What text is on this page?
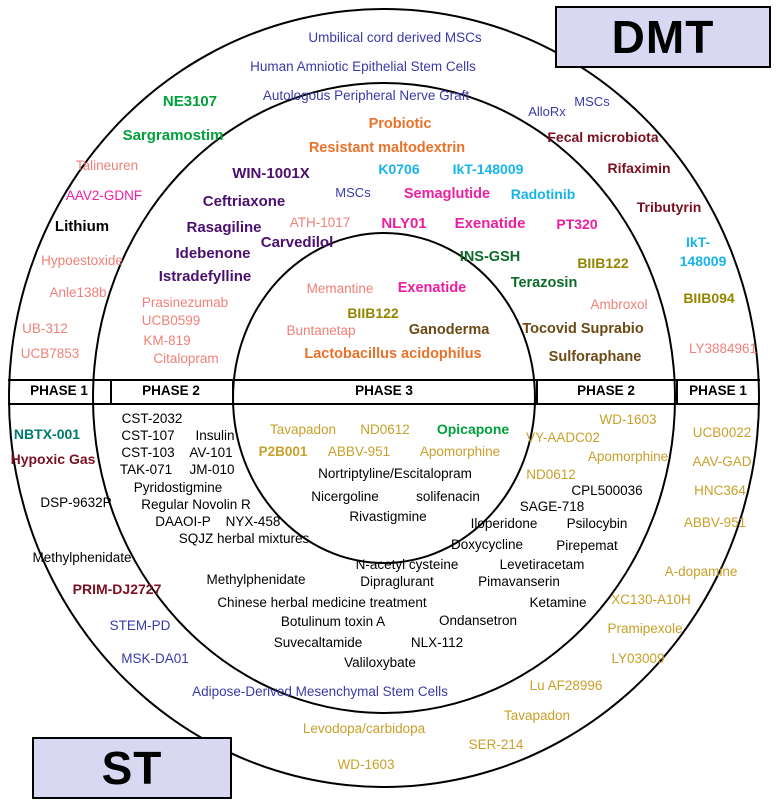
PHASE 1	PHASE 2	PHASE 3	PHASE 2	PHASE 1
Umbilical cord derived MSCs
Human Amniotic Epithelial Stem Cells
Autologous Peripheral Nerve Graft
AlloRx
MSCs
NE3107
Sargramostim	Fecal microbiota
Probiotic
Resistant maltodextrin
Talineuren	K0706 IkT-148009	Rifaximin
WIN-1001X
AAV2-GDNF	MSCs Semaglutide Radotinib
Ceftriaxone	Tributyrin
Lithium	Rasagiline ATH-1017 NLY01 Exenatide PT320
Idebenone
Carvedilol
INS-GSH
IkT-
148009
Hypoestoxide
Istradefylline
BIIB122
Terazosin
Memantine Exenatide
Anle138b
Prasinezumab	Ambroxol	BIIB094
BIIB122
UB-312
UCB0599
Buntanetap	Ganoderma Tocovid Suprabio
KM-819
LY3884961
UCB7853	Citalopram	Lactobacillus acidophilus	Sulforaphane
CST-2032	WD-1603
Tavapadon ND0612 Opicapone
CST-107 Insulin	VY-AADC02	UCB0022
NBTX-001
CST-103 AV-101 P2B001 ABBV-951 Apomorphine	Apomorphine AAV-GAD
Hypoxic Gas
TAK-071 JM-010	Nortriptyline/Escitalopram	ND0612
HNC364
Pyridostigmine
Nicergoline	solifenacin	CPL500036
DSP-9632P Regular Novolin R
Rivastigmine
SAGE-718
Iloperidone Psilocybin	ABBV-951
DAAOI-P NYX-458
Doxycycline Pirepemat
SQJZ herbal mixtures
Methylphenidate	N-acetyl cysteine	Levetiracetam	A-dopamine
Methylphenidate	Dipraglurant	Pimavanserin
PRIM-DJ2727
Chinese herbal medicine treatment	Ketamine XC130-A10H
Botulinum toxin A	Ondansetron
STEM-PD	Pramipexole
Suvecaltamide	NLX-112
MSK-DA01	Valiloxybate	LY03009
Adipose-Derived Mesenchymal Stem Cells	Lu AF28996
Tavapadon
Levodopa/carbidopa
SER-214
WD-1603
DMT
ST
